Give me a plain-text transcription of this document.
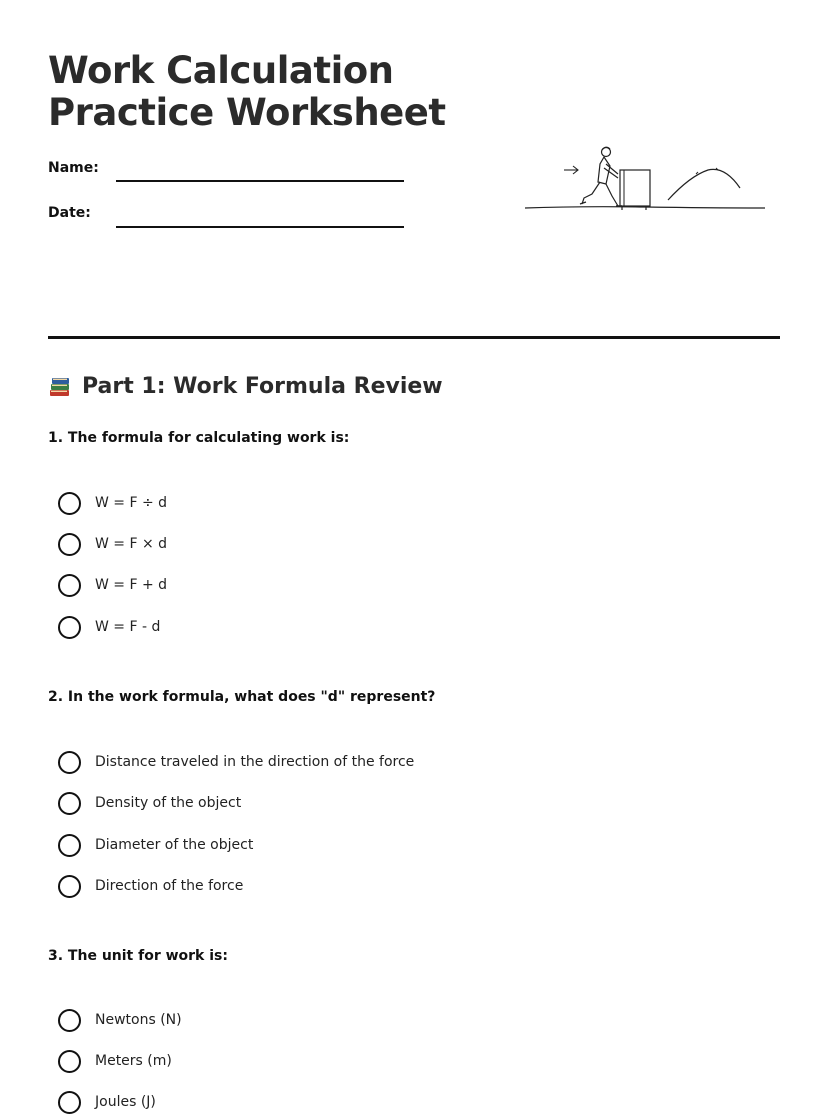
Work Calculation
Practice Worksheet
Name:
Date:
Part 1: Work Formula Review

1. The formula for calculating work is:

W = F ÷ d
W = F × d
W = F + d
W = F - d

2. In the work formula, what does "d" represent?

Distance traveled in the direction of the force
Density of the object
Diameter of the object
Direction of the force

3. The unit for work is:

Newtons (N)
Meters (m)
Joules (J)
